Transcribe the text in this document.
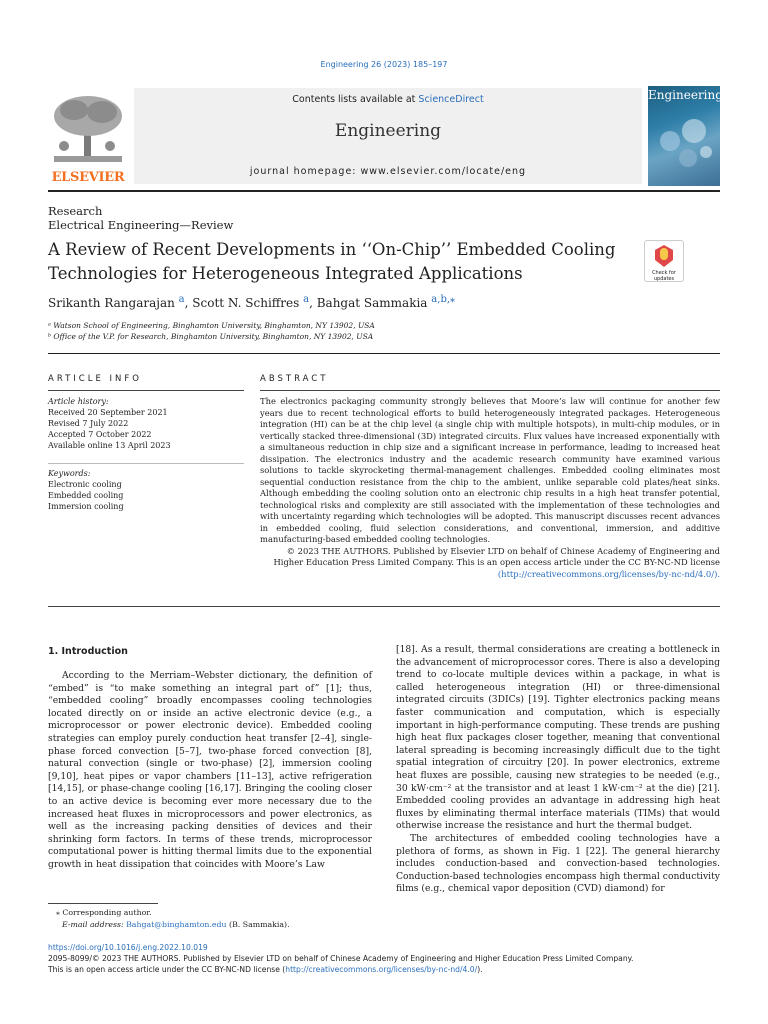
Engineering 26 (2023) 185–197
ELSEVIER
Contents lists available at ScienceDirect
Engineering
journal homepage: www.elsevier.com/locate/eng
Engineering
Research
Electrical Engineering—Review
A Review of Recent Developments in ‘‘On-Chip’’ Embedded Cooling Technologies for Heterogeneous Integrated Applications	Check for updates
Srikanth Rangarajan $^a$, Scott N. Schiffres $^a$, Bahgat Sammakia $^{a,b,⁎}$
ᵃ Watson School of Engineering, Binghamton University, Binghamton, NY 13902, USA
ᵇ Office of the V.P. for Research, Binghamton University, Binghamton, NY 13902, USA
ARTICLE INFO	ABSTRACT
Article history:
Received 20 September 2021
Revised 7 July 2022
Accepted 7 October 2022
Available online 13 April 2023
Keywords:
Electronic cooling
Embedded cooling
Immersion cooling
The electronics packaging community strongly believes that Moore’s law will continue for another few years due to recent technological efforts to build heterogeneously integrated packages. Heterogeneous integration (HI) can be at the chip level (a single chip with multiple hotspots), in multi-chip modules, or in vertically stacked three-dimensional (3D) integrated circuits. Flux values have increased exponentially with a simultaneous reduction in chip size and a significant increase in performance, leading to increased heat dissipation. The electronics industry and the academic research community have examined various solutions to tackle skyrocketing thermal-management challenges. Embedded cooling eliminates most sequential conduction resistance from the chip to the ambient, unlike separable cold plates/heat sinks. Although embedding the cooling solution onto an electronic chip results in a high heat transfer potential, technological risks and complexity are still associated with the implementation of these technologies and with uncertainty regarding which technologies will be adopted. This manuscript discusses recent advances in embedded cooling, fluid selection considerations, and conventional, immersion, and additive manufacturing-based embedded cooling technologies.
© 2023 THE AUTHORS. Published by Elsevier LTD on behalf of Chinese Academy of Engineering and
Higher Education Press Limited Company. This is an open access article under the CC BY-NC-ND license
(http://creativecommons.org/licenses/by-nc-nd/4.0/).
1. Introduction

According to the Merriam–Webster dictionary, the definition of “embed” is “to make something an integral part of” [1]; thus, “embedded cooling” broadly encompasses cooling technologies located directly on or inside an active electronic device (e.g., a microprocessor or power electronic device). Embedded cooling strategies can employ purely conduction heat transfer [2–4], single-phase forced convection [5–7], two-phase forced convection [8], natural convection (single or two-phase) [2], immersion cooling [9,10], heat pipes or vapor chambers [11–13], active refrigeration [14,15], or phase-change cooling [16,17]. Bringing the cooling closer to an active device is becoming ever more necessary due to the increased heat fluxes in microprocessors and power electronics, as well as the increasing packing densities of devices and their shrinking form factors. In terms of these trends, microprocessor computational power is hitting thermal limits due to the exponential growth in heat dissipation that coincides with Moore’s Law

[18]. As a result, thermal considerations are creating a bottleneck in the advancement of microprocessor cores. There is also a developing trend to co-locate multiple devices within a package, in what is called heterogeneous integration (HI) or three-dimensional integrated circuits (3DICs) [19]. Tighter electronics packing means faster communication and computation, which is especially important in high-performance computing. These trends are pushing high heat flux packages closer together, meaning that conventional lateral spreading is becoming increasingly difficult due to the tight spatial integration of circuitry [20]. In power electronics, extreme heat fluxes are possible, causing new strategies to be needed (e.g., 30 kW·cm⁻² at the transistor and at least 1 kW·cm⁻² at the die) [21]. Embedded cooling provides an advantage in addressing high heat fluxes by eliminating thermal interface materials (TIMs) that would otherwise increase the resistance and hurt the thermal budget.

The architectures of embedded cooling technologies have a plethora of forms, as shown in Fig. 1 [22]. The general hierarchy includes conduction-based and convection-based technologies. Conduction-based technologies encompass high thermal conductivity films (e.g., chemical vapor deposition (CVD) diamond) for

⁎ Corresponding author.
E-mail address: Bahgat@binghamton.edu (B. Sammakia).
https://doi.org/10.1016/j.eng.2022.10.019
2095-8099/© 2023 THE AUTHORS. Published by Elsevier LTD on behalf of Chinese Academy of Engineering and Higher Education Press Limited Company.
This is an open access article under the CC BY-NC-ND license (http://creativecommons.org/licenses/by-nc-nd/4.0/).
